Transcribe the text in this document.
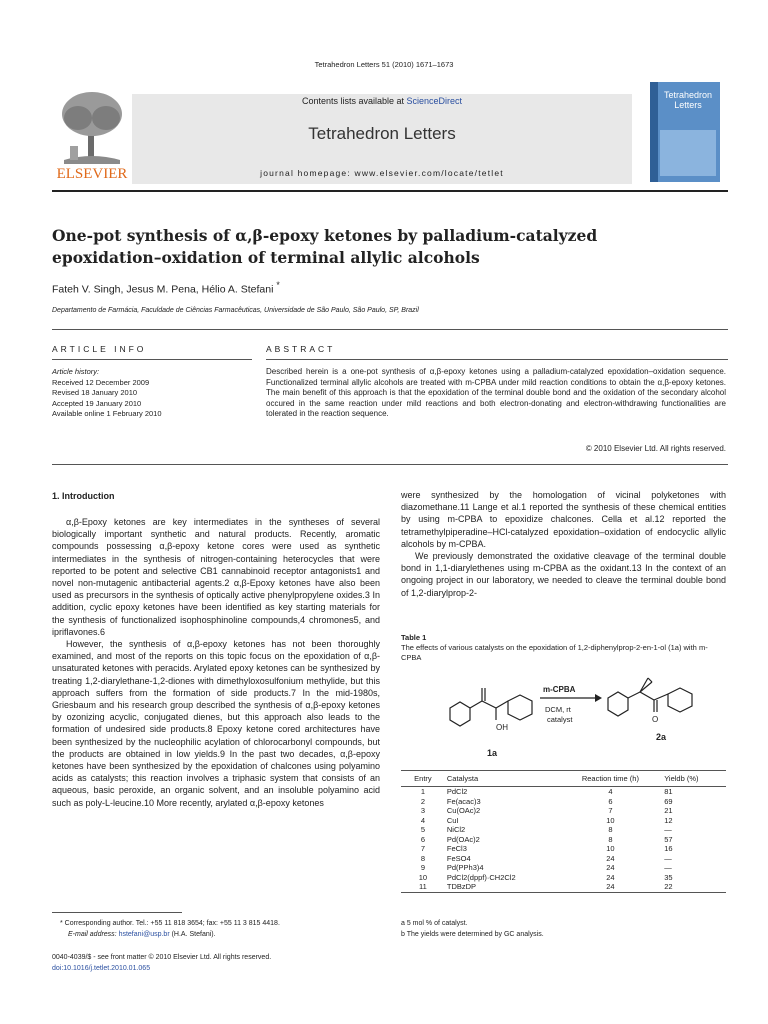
Tetrahedron Letters 51 (2010) 1671–1673
ELSEVIER
Contents lists available at ScienceDirect
Tetrahedron Letters
journal homepage: www.elsevier.com/locate/tetlet
Tetrahedron
Letters
One-pot synthesis of α,β-epoxy ketones by palladium-catalyzed epoxidation–oxidation of terminal allylic alcohols
Fateh V. Singh, Jesus M. Pena, Hélio A. Stefani *
Departamento de Farmácia, Faculdade de Ciências Farmacêuticas, Universidade de São Paulo, São Paulo, SP, Brazil
ARTICLE INFO	ABSTRACT
Article history:
Received 12 December 2009
Revised 18 January 2010
Accepted 19 January 2010
Available online 1 February 2010
Described herein is a one-pot synthesis of α,β-epoxy ketones using a palladium-catalyzed epoxidation–oxidation sequence. Functionalized terminal allylic alcohols are treated with m-CPBA under mild reaction conditions to obtain the α,β-epoxy ketones. The main benefit of this approach is that the epoxidation of the terminal double bond and the oxidation of the secondary alcohol occured in the same reaction under mild reactions and both electron-donating and electron-withdrawing functionalities are tolerated in the reaction sequence.
© 2010 Elsevier Ltd. All rights reserved.
1. Introduction

α,β-Epoxy ketones are key intermediates in the syntheses of several biologically important synthetic and natural products. Recently, aromatic compounds possessing α,β-epoxy ketone cores were used as synthetic intermediates in the synthesis of nitrogen-containing heterocycles that were reported to be potent and selective CB1 cannabinoid receptor antagonists1 and novel non-mutagenic antibacterial agents.2 α,β-Epoxy ketones have also been used as precursors in the synthesis of optically active phenylpropylene oxides.3 In addition, cyclic epoxy ketones have been identified as key starting materials for the synthesis of functionalized isophosphinoline compounds,4 chromones5, and ipriflavones.6

However, the synthesis of α,β-epoxy ketones has not been thoroughly examined, and most of the reports on this topic focus on the epoxidation of α,β-unsaturated ketones with peracids. Arylated epoxy ketones can be synthesized by treating 1,2-diarylethane-1,2-diones with dimethyloxosulfonium methylide, but this approach suffers from the formation of side products.7 In the mid-1980s, Griesbaum and his research group described the synthesis of α,β-epoxy ketones by ozonizing acyclic, conjugated dienes, but this approach also leads to the formation of undesired side products.8 Epoxy ketone cored architectures have been synthesized by the nucleophilic acylation of chlorocarbonyl compounds, but the products are obtained in low yields.9 In the past two decades, α,β-epoxy ketones have been synthesized by the epoxidation of chalcones using polyamino acids as catalysts; this reaction involves a triphasic system that consists of an aqueous, basic peroxide, an organic solvent, and an insoluble polyamino acid such as poly-L-leucine.10 More recently, arylated α,β-epoxy ketones

were synthesized by the homologation of vicinal polyketones with diazomethane.11 Lange et al.1 reported the synthesis of these chemical entities by using m-CPBA to epoxidize chalcones. Cella et al.12 reported the tetramethylpiperadine–HCl-catalyzed epoxidation–oxidation of endocyclic allylic alcohols by m-CPBA.

We previously demonstrated the oxidative cleavage of the terminal double bond in 1,1-diarylethenes using m-CPBA as the oxidant.13 In the context of an ongoing project in our laboratory, we needed to cleave the terminal double bond of 1,2-diarylprop-2-

Table 1
The effects of various catalysts on the epoxidation of 1,2-diphenylprop-2-en-1-ol (1a) with m-CPBA
OH
1a
m-CPBA
DCM, rt
catalyst	O
2a
Entry	Catalysta	Reaction time (h)	Yieldb (%)
1	PdCl2	4	81
2	Fe(acac)3	6	69
3	Cu(OAc)2	7	21
4	CuI	10	12
5	NiCl2	8	—
6	Pd(OAc)2	8	57
7	FeCl3	10	16
8	FeSO4	24	—
9	Pd(PPh3)4	24	—
10	PdCl2(dppf)·CH2Cl2	24	35
11	TDBzDP	24	22
a 5 mol % of catalyst.
b The yields were determined by GC analysis.
* Corresponding author. Tel.: +55 11 818 3654; fax: +55 11 3 815 4418.
E-mail address: hstefani@usp.br (H.A. Stefani).
0040-4039/$ - see front matter © 2010 Elsevier Ltd. All rights reserved.
doi:10.1016/j.tetlet.2010.01.065
